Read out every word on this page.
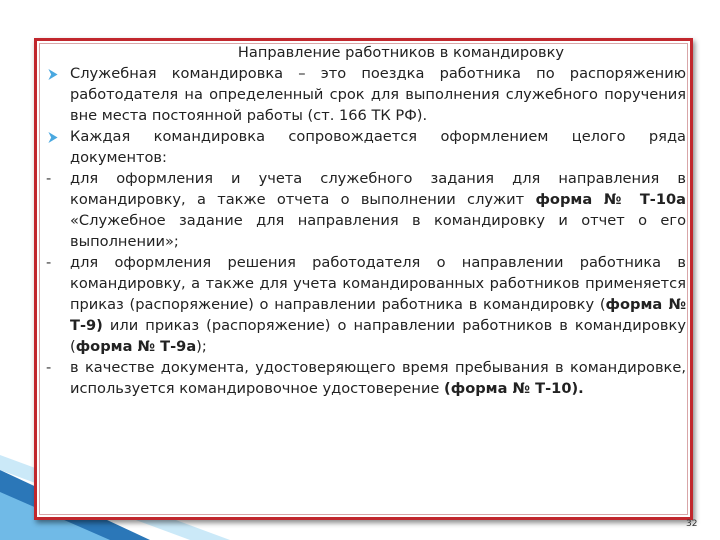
Направление работников в командировку
Служебная командировка – это поездка работника по распоряжению работодателя на определенный срок для выполнения служебного поручения вне места постоянной работы (ст. 166 ТК РФ).
Каждая командировка сопровождается оформлением целого ряда документов:
-	для оформления и учета служебного задания для направления в командировку, а также отчета о выполнении служит форма № Т-10а «Служебное задание для направления в командировку и отчет о его выполнении»;
-	для оформления решения работодателя о направлении работника в командировку, а также для учета командированных работников применяется приказ (распоряжение) о направлении работника в командировку (форма № Т-9) или приказ (распоряжение) о направлении работников в командировку (форма № Т-9а);
-	в качестве документа, удостоверяющего время пребывания в командировке, используется командировочное удостоверение (форма № Т-10).
32
